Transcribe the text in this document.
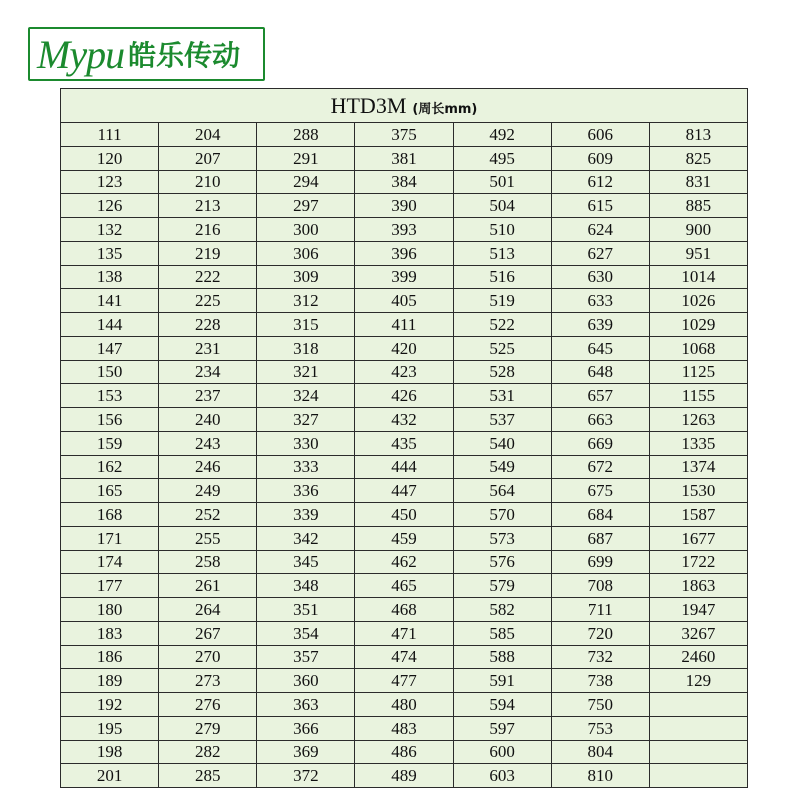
Mypu 皓乐传动
HTD3M (周长mm)						
111	204	288	375	492	606	813
120	207	291	381	495	609	825
123	210	294	384	501	612	831
126	213	297	390	504	615	885
132	216	300	393	510	624	900
135	219	306	396	513	627	951
138	222	309	399	516	630	1014
141	225	312	405	519	633	1026
144	228	315	411	522	639	1029
147	231	318	420	525	645	1068
150	234	321	423	528	648	1125
153	237	324	426	531	657	1155
156	240	327	432	537	663	1263
159	243	330	435	540	669	1335
162	246	333	444	549	672	1374
165	249	336	447	564	675	1530
168	252	339	450	570	684	1587
171	255	342	459	573	687	1677
174	258	345	462	576	699	1722
177	261	348	465	579	708	1863
180	264	351	468	582	711	1947
183	267	354	471	585	720	3267
186	270	357	474	588	732	2460
189	273	360	477	591	738	129
192	276	363	480	594	750	
195	279	366	483	597	753	
198	282	369	486	600	804	
201	285	372	489	603	810	
